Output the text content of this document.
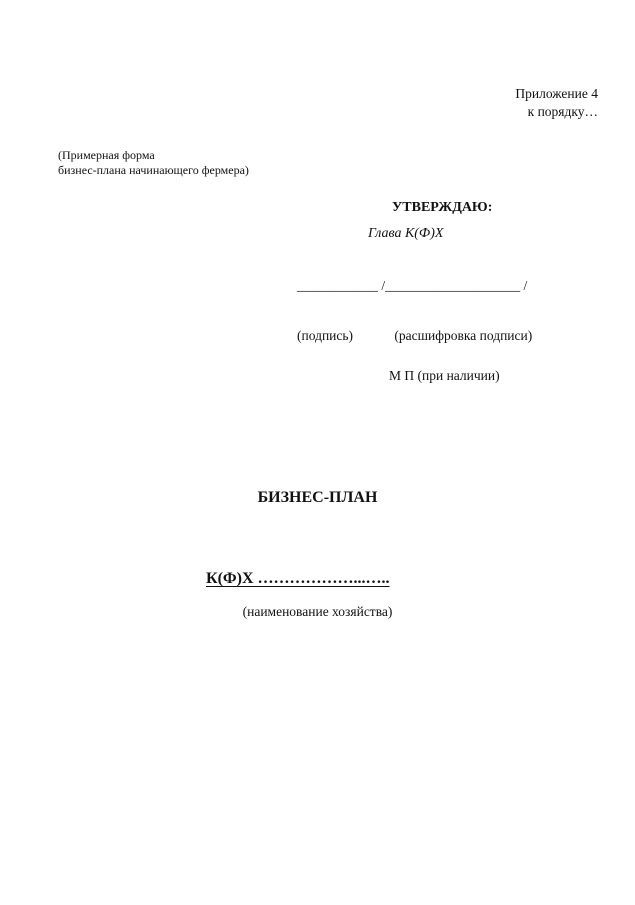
Приложение 4
к порядку…
(Примерная форма
бизнес-плана начинающего фермера)
УТВЕРЖДАЮ:
Глава К(Ф)Х
____________ /____________________ /
(подпись)	(расшифровка подписи)
М П (при наличии)
БИЗНЕС-ПЛАН
К(Ф)Х ………………...…..
(наименование хозяйства)
